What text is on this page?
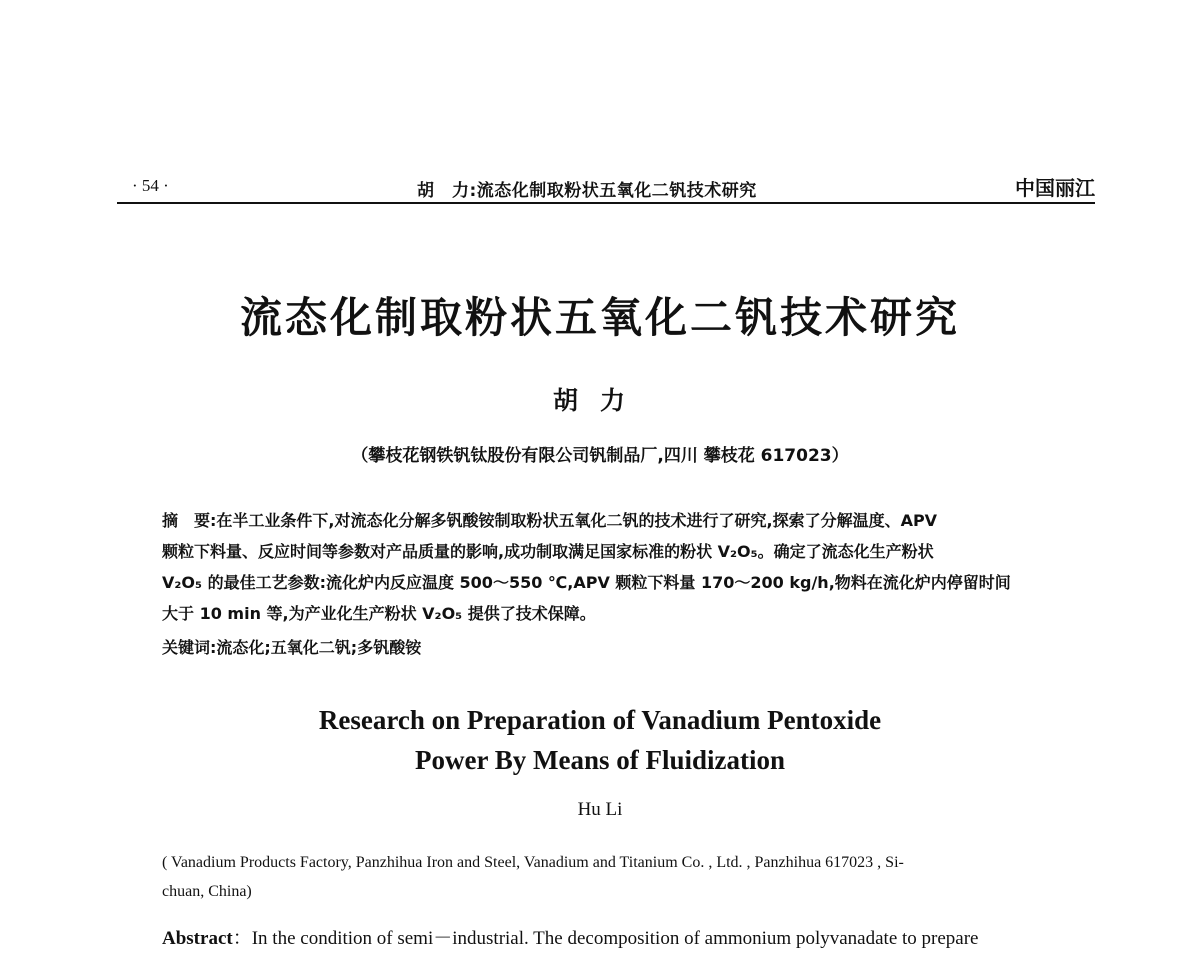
· 54 ·	胡　力:流态化制取粉状五氧化二钒技术研究	中国丽江
流态化制取粉状五氧化二钒技术研究
胡力
（攀枝花钢铁钒钛股份有限公司钒制品厂,四川 攀枝花 617023）
摘　要:在半工业条件下,对流态化分解多钒酸铵制取粉状五氧化二钒的技术进行了研究,探索了分解温度、APV
颗粒下料量、反应时间等参数对产品质量的影响,成功制取满足国家标准的粉状 V₂O₅。确定了流态化生产粉状
V₂O₅ 的最佳工艺参数:流化炉内反应温度 500～550 ℃,APV 颗粒下料量 170～200 kg/h,物料在流化炉内停留时间
大于 10 min 等,为产业化生产粉状 V₂O₅ 提供了技术保障。
关键词:流态化;五氧化二钒;多钒酸铵
Research on Preparation of Vanadium Pentoxide
Power By Means of Fluidization
Hu Li
( Vanadium Products Factory, Panzhihua Iron and Steel, Vanadium and Titanium Co. , Ltd. , Panzhihua 617023 , Si-
chuan, China)
Abstract：In the condition of semi－industrial. The decomposition of ammonium polyvanadate to prepare
